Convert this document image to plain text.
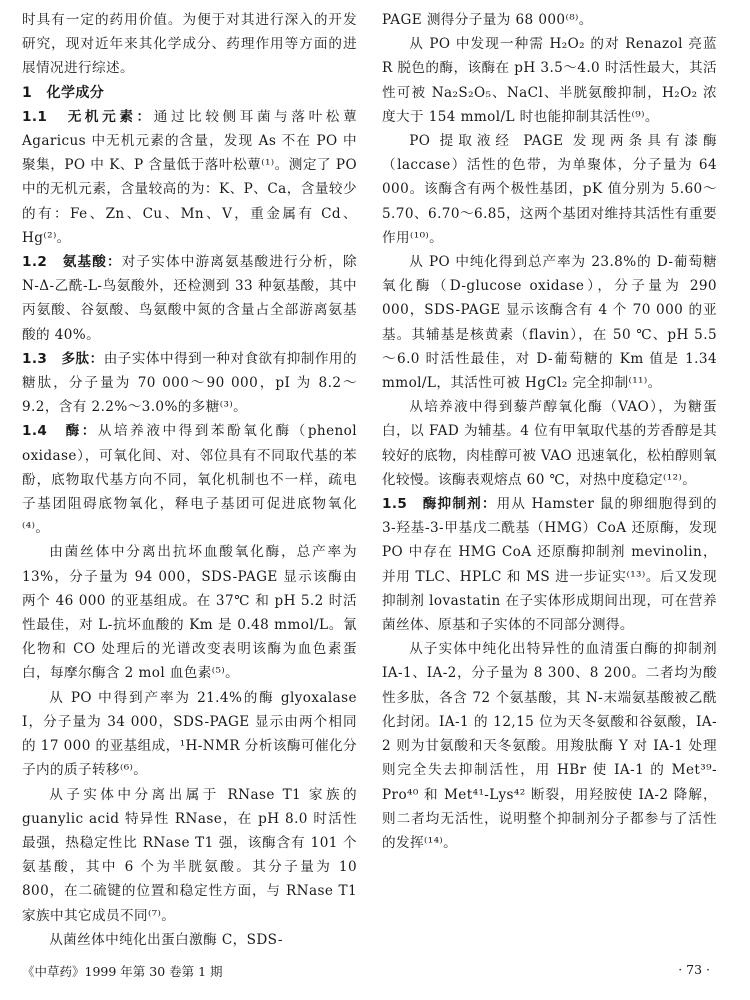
时具有一定的药用价值。为便于对其进行深入的开发研究，现对近年来其化学成分、药理作用等方面的进展情况进行综述。

1　化学成分

1.1　无机元素：通过比较侧耳菌与落叶松蕈 Agaricus 中无机元素的含量，发现 As 不在 PO 中聚集，PO 中 K、P 含量低于落叶松蕈⁽¹⁾。测定了 PO 中的无机元素，含量较高的为：K、P、Ca，含量较少的有：Fe、Zn、Cu、Mn、V，重金属有 Cd、Hg⁽²⁾。

1.2　氨基酸：对子实体中游离氨基酸进行分析，除 N-Δ-乙酰-L-鸟氨酸外，还检测到 33 种氨基酸，其中丙氨酸、谷氨酸、鸟氨酸中氮的含量占全部游离氨基酸的 40%。

1.3　多肽：由子实体中得到一种对食欲有抑制作用的糖肽，分子量为 70 000～90 000，pI 为 8.2～9.2，含有 2.2%～3.0%的多糖⁽³⁾。

1.4　酶：从培养液中得到苯酚氧化酶（phenol oxidase），可氧化间、对、邻位具有不同取代基的苯酚，底物取代基方向不同，氧化机制也不一样，疏电子基团阻碍底物氧化，释电子基团可促进底物氧化⁽⁴⁾。

由菌丝体中分离出抗坏血酸氧化酶，总产率为 13%，分子量为 94 000，SDS-PAGE 显示该酶由两个 46 000 的亚基组成。在 37℃ 和 pH 5.2 时活性最佳，对 L-抗坏血酸的 Km 是 0.48 mmol/L。氰化物和 CO 处理后的光谱改变表明该酶为血色素蛋白，每摩尔酶含 2 mol 血色素⁽⁵⁾。

从 PO 中得到产率为 21.4%的酶 glyoxalase Ⅰ，分子量为 34 000，SDS-PAGE 显示由两个相同的 17 000 的亚基组成，¹H-NMR 分析该酶可催化分子内的质子转移⁽⁶⁾。

从子实体中分离出属于 RNase T1 家族的 guanylic acid 特异性 RNase，在 pH 8.0 时活性最强，热稳定性比 RNase T1 强，该酶含有 101 个氨基酸，其中 6 个为半胱氨酸。其分子量为 10 800，在二硫键的位置和稳定性方面，与 RNase T1 家族中其它成员不同⁽⁷⁾。

从菌丝体中纯化出蛋白激酶 C，SDS-

PAGE 测得分子量为 68 000⁽⁸⁾。

从 PO 中发现一种需 H₂O₂ 的对 Renazol 亮蓝 R 脱色的酶，该酶在 pH 3.5～4.0 时活性最大，其活性可被 Na₂S₂O₅、NaCl、半胱氨酸抑制，H₂O₂ 浓度大于 154 mmol/L 时也能抑制其活性⁽⁹⁾。

PO 提取液经 PAGE 发现两条具有漆酶（laccase）活性的色带，为单聚体，分子量为 64 000。该酶含有两个极性基团，pK 值分别为 5.60～5.70、6.70～6.85，这两个基团对维持其活性有重要作用⁽¹⁰⁾。

从 PO 中纯化得到总产率为 23.8%的 D-葡萄糖氧化酶（D-glucose oxidase），分子量为 290 000，SDS-PAGE 显示该酶含有 4 个 70 000 的亚基。其辅基是核黄素（flavin），在 50 ℃、pH 5.5～6.0 时活性最佳，对 D-葡萄糖的 Km 值是 1.34 mmol/L，其活性可被 HgCl₂ 完全抑制⁽¹¹⁾。

从培养液中得到藜芦醇氧化酶（VAO），为糖蛋白，以 FAD 为辅基。4 位有甲氧取代基的芳香醇是其较好的底物，肉桂醇可被 VAO 迅速氧化，松柏醇则氧化较慢。该酶表观熔点 60 ℃，对热中度稳定⁽¹²⁾。

1.5　酶抑制剂：用从 Hamster 鼠的卵细胞得到的 3-羟基-3-甲基戊二酰基（HMG）CoA 还原酶，发现 PO 中存在 HMG CoA 还原酶抑制剂 mevinolin，并用 TLC、HPLC 和 MS 进一步证实⁽¹³⁾。后又发现抑制剂 lovastatin 在子实体形成期间出现，可在营养菌丝体、原基和子实体的不同部分测得。

从子实体中纯化出特异性的血清蛋白酶的抑制剂 IA-1、IA-2，分子量为 8 300、8 200。二者均为酸性多肽，各含 72 个氨基酸，其 N-末端氨基酸被乙酰化封闭。IA-1 的 12,15 位为天冬氨酸和谷氨酸，IA-2 则为甘氨酸和天冬氨酸。用羧肽酶 Y 对 IA-1 处理则完全失去抑制活性，用 HBr 使 IA-1 的 Met³⁹-Pro⁴⁰ 和 Met⁴¹-Lys⁴² 断裂，用羟胺使 IA-2 降解，则二者均无活性，说明整个抑制剂分子都参与了活性的发挥⁽¹⁴⁾。

《中草药》1999 年第 30 卷第 1 期	· 73 ·
